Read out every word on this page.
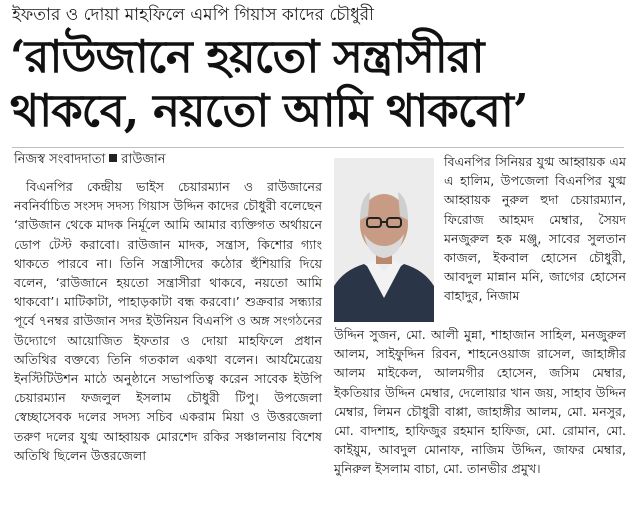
ইফতার ও দোয়া মাহফিলে এমপি গিয়াস কাদের চৌধুরী
‘রাউজানে হয়তো সন্ত্রাসীরা
থাকবে, নয়তো আমি থাকবো’
নিজস্ব সংবাদদাতা রাউজান

বিএনপির কেন্দ্রীয় ভাইস চেয়ারম্যান ও রাউজানের নবনির্বাচিত সংসদ সদস্য গিয়াস উদ্দিন কাদের চৌধুরী বলেছেন ‘রাউজান থেকে মাদক নির্মূলে আমি আমার ব্যক্তিগত অর্থায়নে ডোপ টেস্ট করাবো। রাউজান মাদক, সন্ত্রাস, কিশোর গ্যাং থাকতে পারবে না। তিনি সন্ত্রাসীদের কঠোর হুঁশিয়ারি দিয়ে বলেন, ‘রাউজানে হয়তো সন্ত্রাসীরা থাকবে, নয়তো আমি থাকবো’। মাটিকাটা, পাহাড়কাটা বন্ধ করবো।’ শুক্রবার সন্ধ্যার পূর্বে ৭নম্বর রাউজান সদর ইউনিয়ন বিএনপি ও অঙ্গ সংগঠনের উদ্যোগে আয়োজিত ইফতার ও দোয়া মাহফিলে প্রধান অতিথির বক্তব্যে তিনি গতকাল একথা বলেন। আর্যমৈত্রেয় ইনস্টিটিউশন মাঠে অনুষ্ঠানে সভাপতিত্ব করেন সাবেক ইউপি চেয়ারম্যান ফজলুল ইসলাম চৌধুরী টিপু। উপজেলা স্বেচ্ছাসেবক দলের সদস্য সচিব একরাম মিয়া ও উত্তরজেলা তরুণ দলের যুগ্ম আহ্বায়ক মোরশেদ রকির সঞ্চালনায় বিশেষ অতিথি ছিলেন উত্তরজেলা

বিএনপির সিনিয়র যুগ্ম আহ্বায়ক এম এ হালিম, উপজেলা বিএনপির যুগ্ম আহ্বায়ক নুরুল হুদা চেয়ারম্যান, ফিরোজ আহমদ মেম্বার, সৈয়দ মনজুরুল হক মঞ্জু, সাবের সুলতান কাজল, ইকবাল হোসেন চৌধুরী, আবদুল মান্নান মনি, জাগের হোসেন বাহাদুর, নিজাম
উদ্দিন সুজন, মো. আলী মুন্না, শাহাজান সাহিল, মনজুরুল আলম, সাইফুদ্দিন রিবন, শাহনেওয়াজ রাসেল, জাহাঙ্গীর আলম মাইকেল, আলমগীর হোসেন, জসিম মেম্বার, ইকতিয়ার উদ্দিন মেম্বার, দেলোয়ার খান জয়, সাহাব উদ্দিন মেম্বার, লিমন চৌধুরী বাপ্পা, জাহাঙ্গীর আলম, মো. মনসুর, মো. বাদশাহ, হাফিজুর রহমান হাফিজ, মো. রোমান, মো. কাইয়ুম, আবদুল মোনাফ, নাজিম উদ্দিন, জাফর মেম্বার, মুনিরুল ইসলাম বাচা, মো. তানভীর প্রমুখ।
